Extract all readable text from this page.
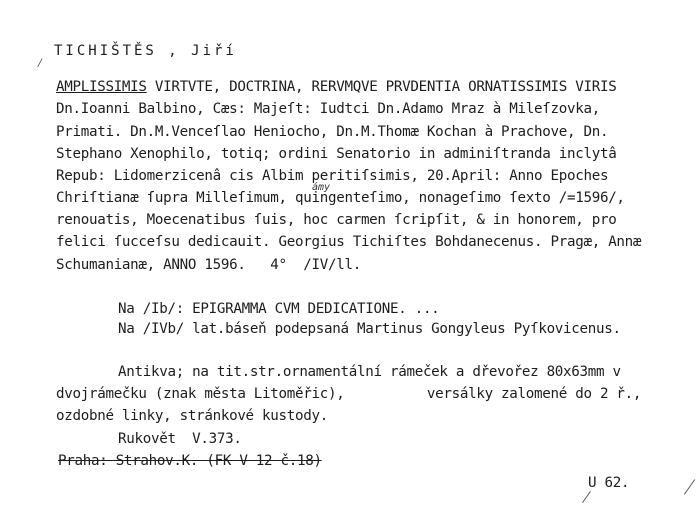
TICHIŠTĚS , Jiří
⁄
AMPLISSIMIS VIRTVTE, DOCTRINA, RERVMQVE PRVDENTIA ORNATISSIMIS VIRIS
Dn.Ioanni Balbino, Cæs: Majeſt: Iudtci Dn.Adamo Mraz à Mileſzovka,
Primati. Dn.M.Venceſlao Heniocho, Dn.M.Thomæ Kochan à Prachove, Dn.
Stephano Xenophilo, totiq; ordini Senatorio in adminiſtranda inclytâ
Repub: Lidomerzicenâ cis Albim peritiſsimis, 20.April: Anno Epoches
Chriſtianæ ſupra Milleſimum, quingenteſimo, nonageſimo ſexto /=1596/,
renouatis, Moecenatibus ſuis, hoc carmen ſcripſit, & in honorem, pro
felici ſucceſsu dedicauit. Georgius Tichiſtes Bohdanecenus. Pragæ, Annæ
Schumanianæ, ANNO 1596.   4°  /IV/ll.
ámy
Na /Ib/: EPIGRAMMA CVM DEDICATIONE. ...
Na /IVb/ lat.báseň podepsaná Martinus Gongyleus Pyſkovicenus.
Antikva; na tit.str.ornamentální rámeček a dřevořez 80x63mm v
dvojrámečku (znak města Litoměřic),          versálky zalomené do 2 ř.,
ozdobné linky, stránkové kustody.
Rukovět  V.373.
Praha: Strahov.K. (FK V 12 č.18)
U 62.
